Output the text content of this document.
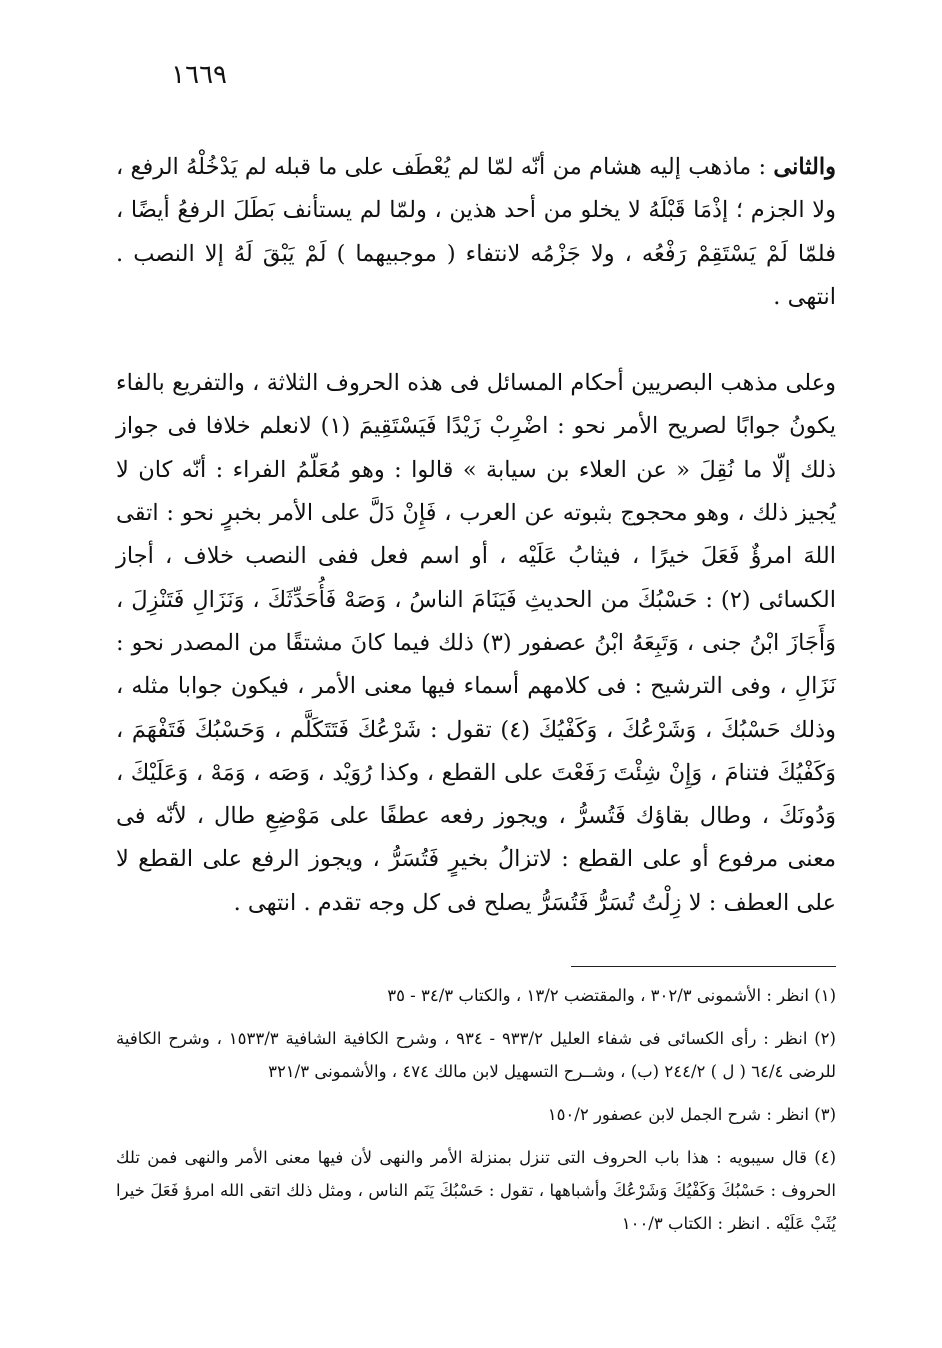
١٦٦٩

والثانى : ماذهب إليه هشام من أنّه لمّا لم يُعْطَف على ما قبله لم يَدْخُلْهُ الرفع ، ولا الجزم ؛ إذْمَا قَبْلَهُ لا يخلو من أحد هذين ، ولمّا لم يستأنف بَطَلَ الرفعُ أيضًا ، فلمّا لَمْ يَسْتَقِمْ رَفْعُه ، ولا جَزْمُه لانتفاء ( موجبيهما ) لَمْ يَبْقَ لَهُ إلا النصب . انتهى .

وعلى مذهب البصريين أحكام المسائل فى هذه الحروف الثلاثة ، والتفريع بالفاء يكونُ جوابًا لصريح الأمر نحو : اضْرِبْ زَيْدًا فَيَسْتَقِيمَ (١) لانعلم خلافا فى جواز ذلك إلّا ما نُقِلَ « عن العلاء بن سيابة » قالوا : وهو مُعَلّمُ الفراء : أنّه كان لا يُجيز ذلك ، وهو محجوج بثبوته عن العرب ، فَإِنْ دَلَّ على الأمر بخبرٍ نحو : اتقى اللهَ امرؤٌ فَعَلَ خيرًا ، فيثابُ عَلَيْه ، أو اسم فعل ففى النصب خلاف ، أجاز الكسائى (٢) : حَسْبُكَ من الحديثِ فَيَنَامَ الناسُ ، وَصَهْ فَأُحَدِّثَكَ ، وَنَزَالِ فَتَنْزِلَ ، وَأَجَازَ ابْنُ جنى ، وَتَبِعَهُ ابْنُ عصفور (٣) ذلك فيما كانَ مشتقًا من المصدر نحو : نَزَالِ ، وفى الترشيح : فى كلامهم أسماء فيها معنى الأمر ، فيكون جوابا مثله ، وذلك حَسْبُكَ ، وَشَرْعُكَ ، وَكَفْيُكَ (٤) تقول : شَرْعُكَ فَتَتَكَلَّم ، وَحَسْبُكَ فَتَفْهَمَ ، وَكَفْيُكَ فتنامَ ، وَإِنْ شِئْتَ رَفَعْتَ على القطع ، وكذا رُوَيْد ، وَصَه ، وَمَهْ ، وَعَلَيْكَ ، وَدُونَكَ ، وطال بقاؤك فَتُسرُّ ، ويجوز رفعه عطفًا على مَوْضِعِ طال ، لأنّه فى معنى مرفوع أو على القطع : لاتزالُ بخيرٍ فَتُسَرُّ ، ويجوز الرفع على القطع لا على العطف : لا زِلْتُ تُسَرُّ فَتُسَرُّ يصلح فى كل وجه تقدم . انتهى .

(١) انظر : الأشمونى ٣٠٢/٣ ، والمقتضب ١٣/٢ ، والكتاب ٣٤/٣ - ٣٥

(٢) انظر : رأى الكسائى فى شفاء العليل ٩٣٣/٢ - ٩٣٤ ، وشرح الكافية الشافية ١٥٣٣/٣ ، وشرح الكافية للرضى ٦٤/٤ ( ل ) ٢٤٤/٢ (ب) ، وشــرح التسهيل لابن مالك ٤٧٤ ، والأشمونى ٣٢١/٣

(٣) انظر : شرح الجمل لابن عصفور ١٥٠/٢

(٤) قال سيبويه : هذا باب الحروف التى تنزل بمنزلة الأمر والنهى لأن فيها معنى الأمر والنهى فمن تلك الحروف : حَسْبُكَ وَكَفْيُكَ وَشَرْعُكَ وأشباهها ، تقول : حَسْبُكَ يَنَم الناس ، ومثل ذلك اتقى الله امرؤ فَعَلَ خيرا يُثَبْ عَلَيْه . انظر : الكتاب ١٠٠/٣
